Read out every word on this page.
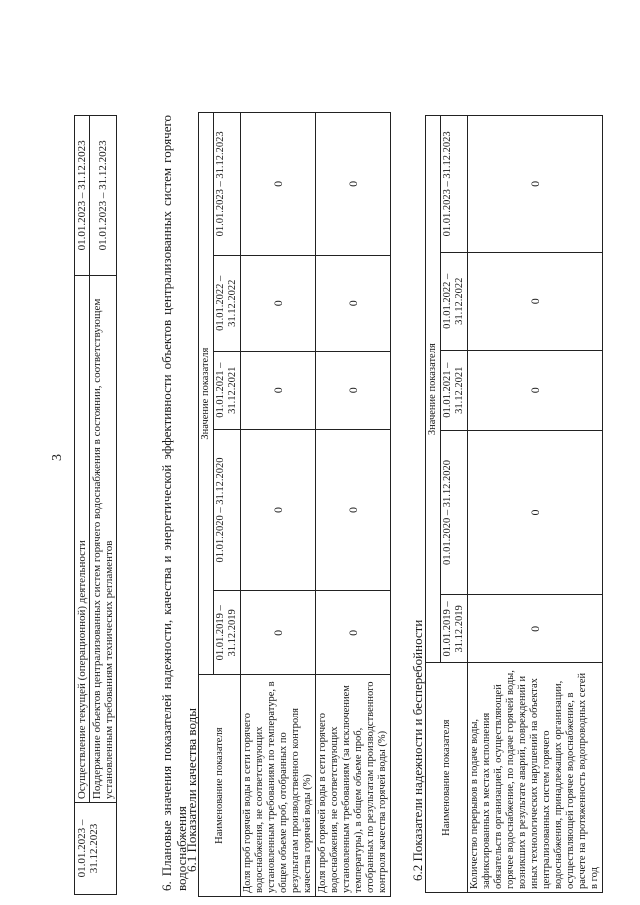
3
01.01.2023 – 31.12.2023	Осуществление текущей (операционной) деятельности	01.01.2023 – 31.12.2023
	Поддержание объектов централизованных систем горячего водоснабжения в состоянии, соответствующем установленным требованиям технических регламентов	01.01.2023 – 31.12.2023	6. Плановые значения показателей надежности, качества и энергетической эффективности объектов централизованных систем горячего водоснабжения
6.1 Показатели качества воды Наименование показателя	Значение показателя				
	01.01.2019 – 31.12.2019	01.01.2020 – 31.12.2020	01.01.2021 – 31.12.2021	01.01.2022 – 31.12.2022	01.01.2023 – 31.12.2023
Доля проб горячей воды в сети горячего водоснабжения, не соответствующих установленным требованиям по температуре, в общем объеме проб, отобранных по результатам производственного контроля качества горячей воды (%)	0	0	0	0	0
Доля проб горячей воды в сети горячего водоснабжения, не соответствующих установленным требованиям (за исключением температуры), в общем объеме проб, отобранных по результатам производственного контроля качества горячей воды (%)	0	0	0	0	0
6.2 Показатели надежности и бесперебойности Наименование показателя	Значение показателя				
	01.01.2019 – 31.12.2019	01.01.2020 – 31.12.2020	01.01.2021 – 31.12.2021	01.01.2022 – 31.12.2022	01.01.2023 – 31.12.2023
Количество перерывов в подаче воды, зафиксированных в местах исполнения обязательств организацией, осуществляющей горячее водоснабжение, по подаче горячей воды, возникших в результате аварий, повреждений и иных технологических нарушений на объектах централизованных систем горячего водоснабжения, принадлежащих организации, осуществляющей горячее водоснабжение, в расчете на протяженность водопроводных сетей в год	0	0	0	0	0
